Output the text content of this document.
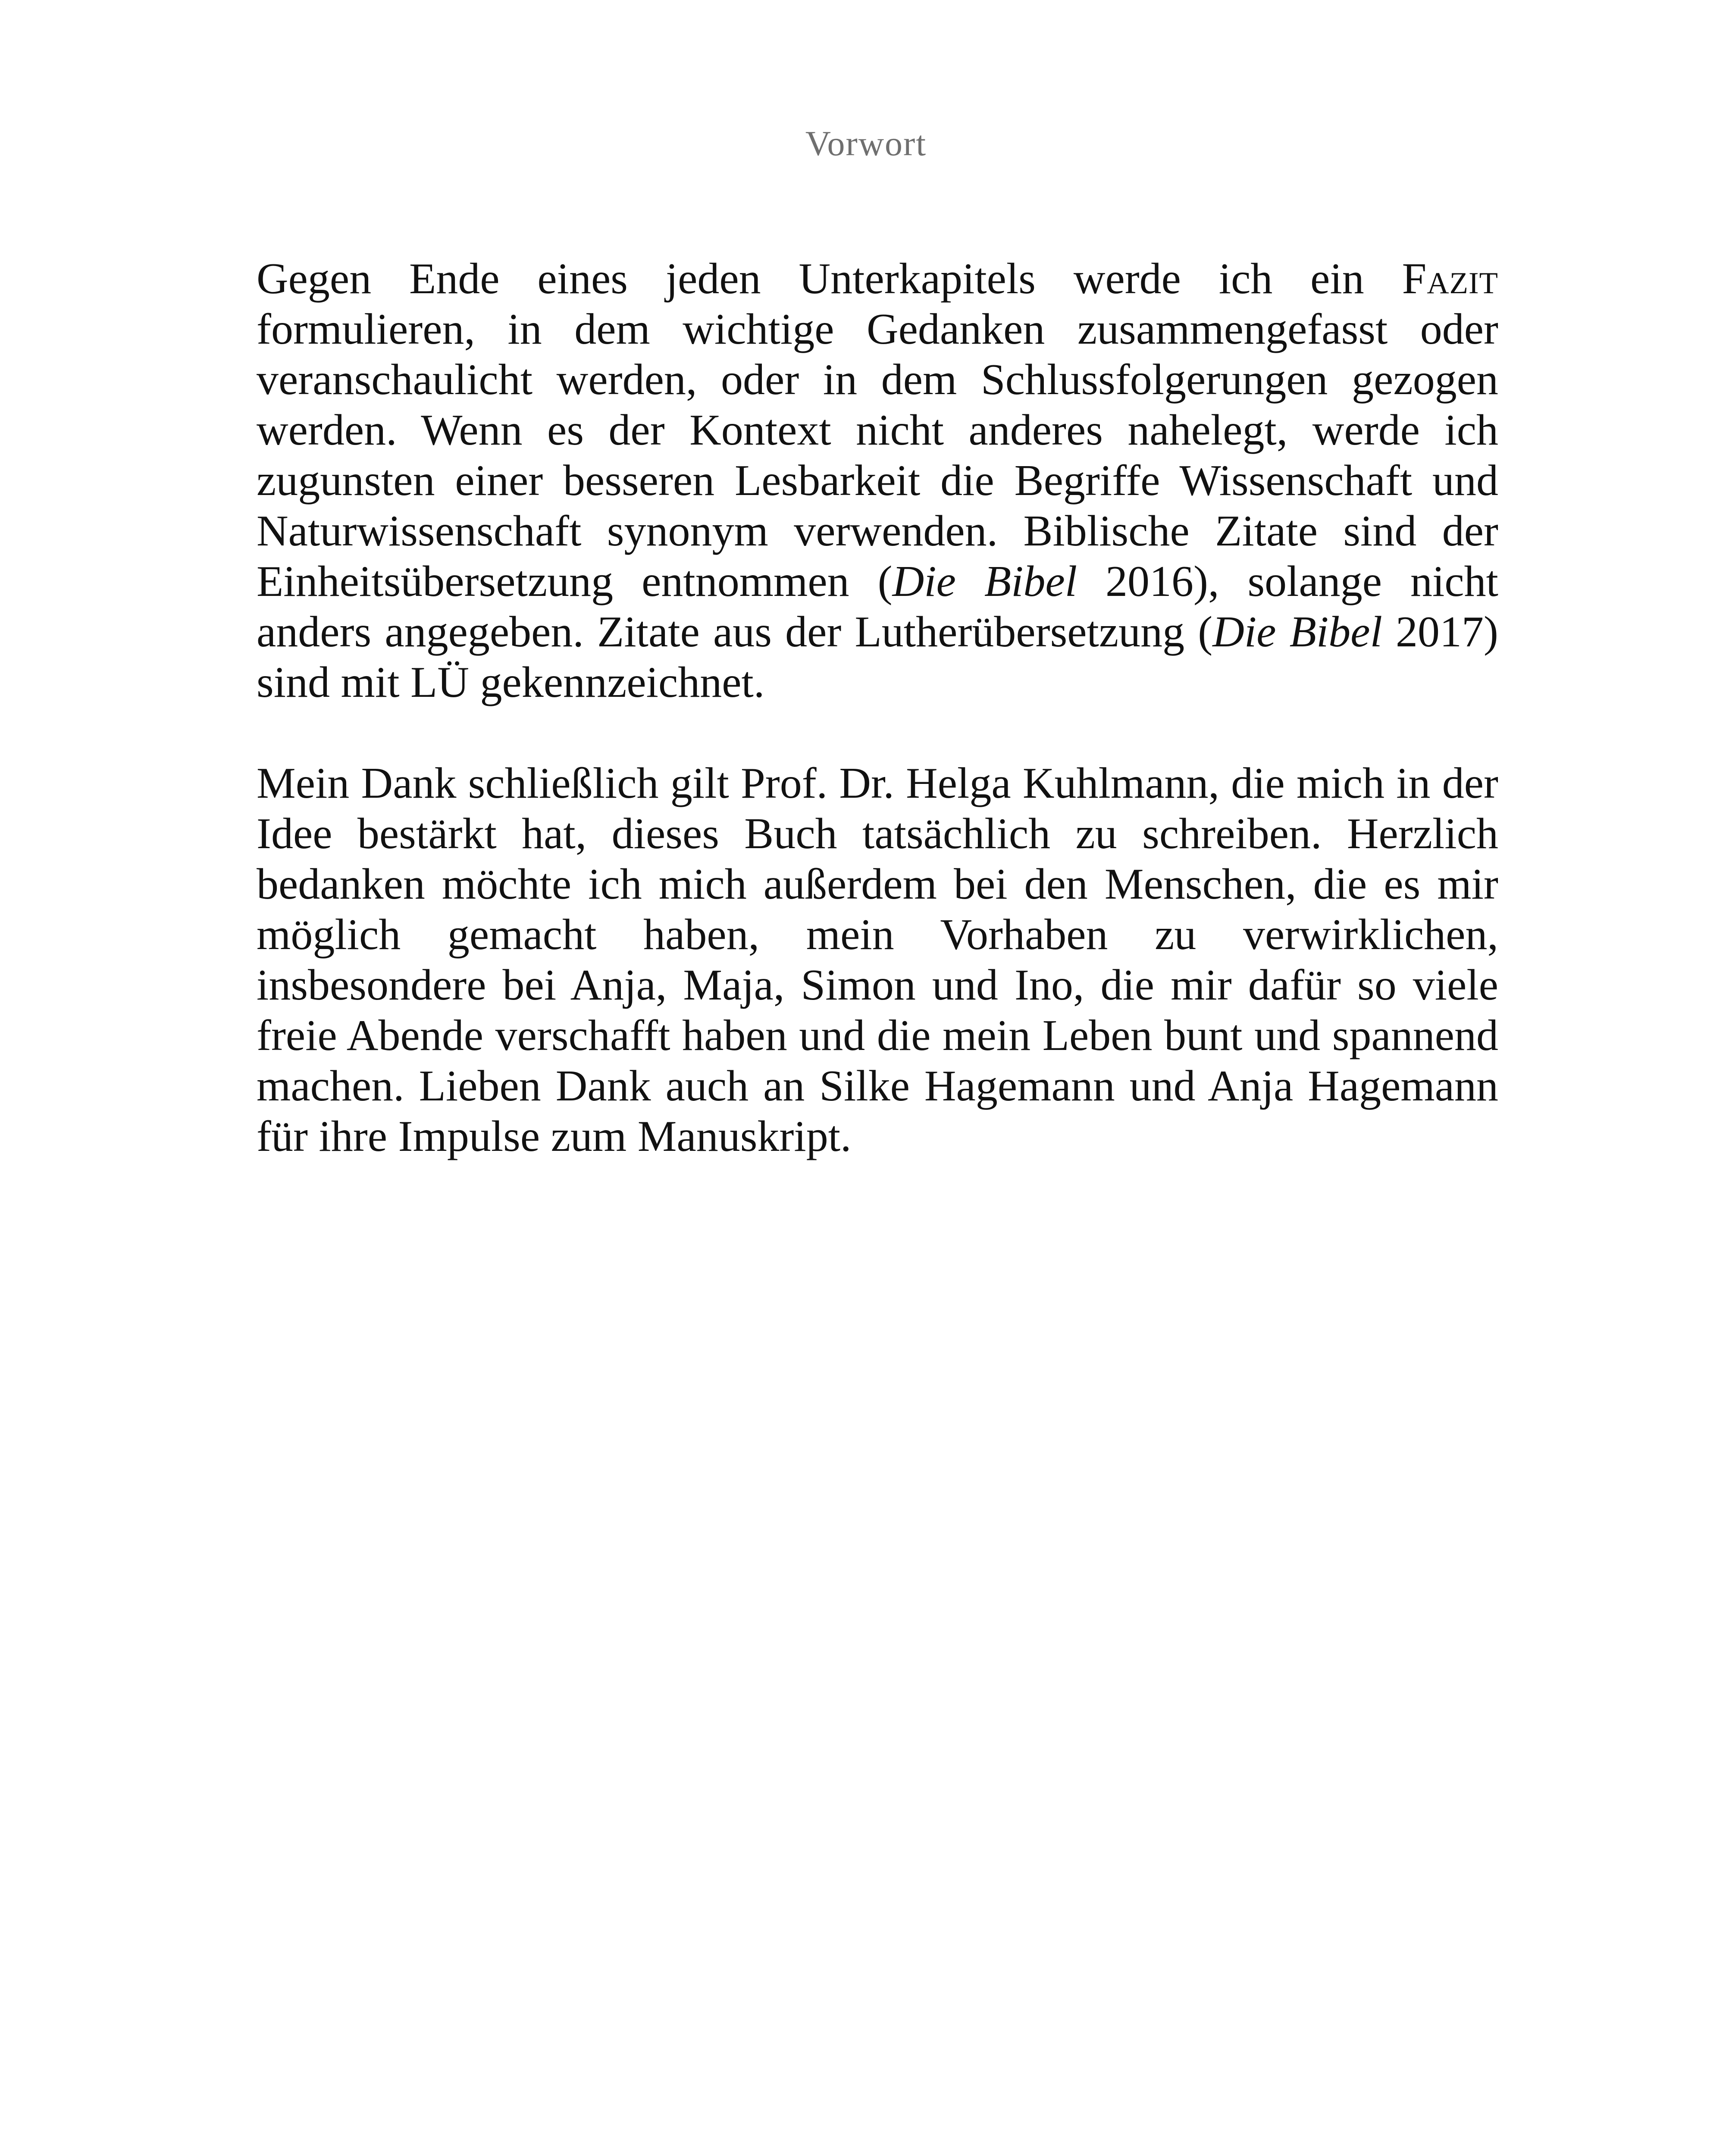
Vorwort

Gegen Ende eines jeden Unterkapitels werde ich ein Fazit formulieren, in dem wichtige Gedanken zusammengefasst oder veranschaulicht werden, oder in dem Schlussfolgerungen gezogen werden. Wenn es der Kontext nicht anderes nahelegt, werde ich zugunsten einer besseren Lesbarkeit die Begriffe Wissenschaft und Naturwissenschaft synonym verwenden. Biblische Zitate sind der Einheitsübersetzung entnommen (Die Bibel 2016), solange nicht anders angegeben. Zitate aus der Lutherübersetzung (Die Bibel 2017) sind mit LÜ gekennzeichnet.

Mein Dank schließlich gilt Prof. Dr. Helga Kuhlmann, die mich in der Idee bestärkt hat, dieses Buch tatsächlich zu schreiben. Herzlich bedanken möchte ich mich außerdem bei den Menschen, die es mir möglich gemacht haben, mein Vorhaben zu verwirklichen, insbesondere bei Anja, Maja, Simon und Ino, die mir dafür so viele freie Abende verschafft haben und die mein Leben bunt und spannend machen. Lieben Dank auch an Silke Hagemann und Anja Hagemann für ihre Impulse zum Manuskript.
